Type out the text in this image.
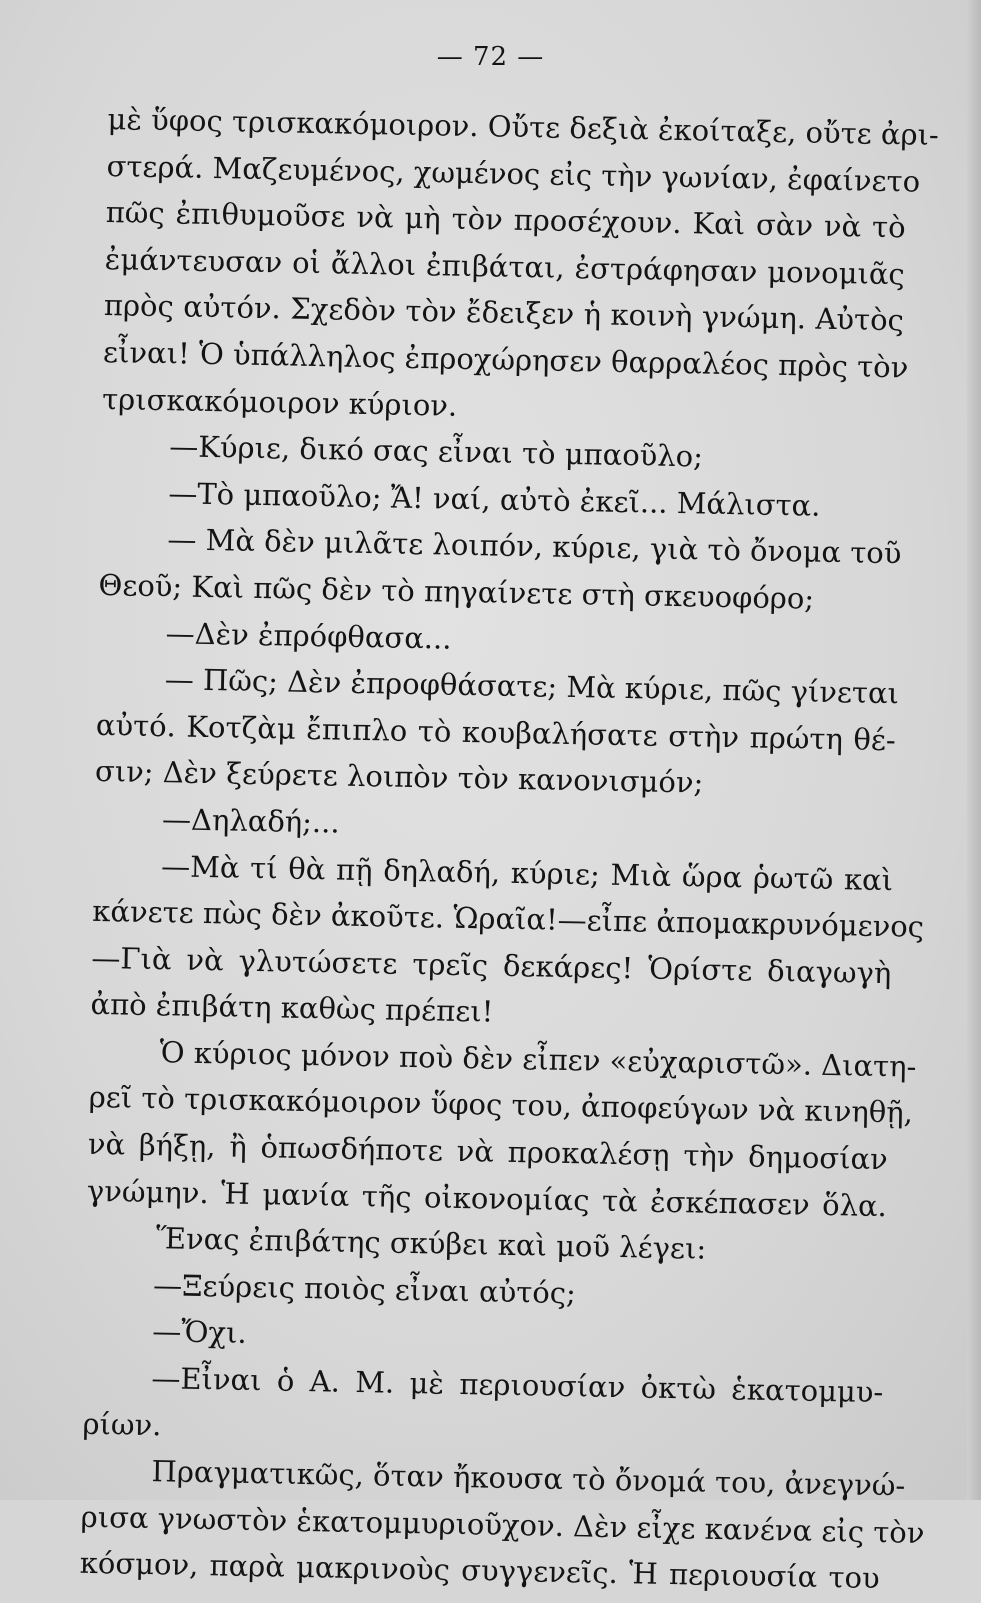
— 72 —
μὲ ὕφος τρισκακόμοιρον. Οὔτε δεξιὰ ἐκοίταξε, οὔτε ἀρι-
στερά. Μαζευμένος, χωμένος εἰς τὴν γωνίαν, ἐφαίνετο
πῶς ἐπιθυμοῦσε νὰ μὴ τὸν προσέχουν. Καὶ σὰν νὰ τὸ
ἐμάντευσαν οἱ ἄλλοι ἐπιβάται, ἐστράφησαν μονομιᾶς
πρὸς αὐτόν. Σχεδὸν τὸν ἔδειξεν ἡ κοινὴ γνώμη. Αὐτὸς
εἶναι! Ὁ ὑπάλληλος ἐπροχώρησεν θαρραλέος πρὸς τὸν
τρισκακόμοιρον κύριον.
—Κύριε, δικό σας εἶναι τὸ μπαοῦλο;
—Τὸ μπαοῦλο; Ἄ! ναί, αὐτὸ ἐκεῖ... Μάλιστα.
— Μὰ δὲν μιλᾶτε λοιπόν, κύριε, γιὰ τὸ ὄνομα τοῦ
Θεοῦ; Καὶ πῶς δὲν τὸ πηγαίνετε στὴ σκευοφόρο;
—Δὲν ἐπρόφθασα...
— Πῶς; Δὲν ἐπροφθάσατε; Μὰ κύριε, πῶς γίνεται
αὐτό. Κοτζὰμ ἔπιπλο τὸ κουβαλήσατε στὴν πρώτη θέ-
σιν; Δὲν ξεύρετε λοιπὸν τὸν κανονισμόν;
—Δηλαδή;...
—Μὰ τί θὰ πῇ δηλαδή, κύριε; Μιὰ ὥρα ῥωτῶ καὶ
κάνετε πὼς δὲν ἀκοῦτε. Ὡραῖα!—εἶπε ἀπομακρυνόμενος
—Γιὰ νὰ γλυτώσετε τρεῖς δεκάρες! Ὁρίστε διαγωγὴ
ἀπὸ ἐπιβάτη καθὼς πρέπει!
Ὁ κύριος μόνον ποὺ δὲν εἶπεν «εὐχαριστῶ». Διατη-
ρεῖ τὸ τρισκακόμοιρον ὕφος του, ἀποφεύγων νὰ κινηθῇ,
νὰ βήξῃ, ἢ ὁπωσδήποτε νὰ προκαλέσῃ τὴν δημοσίαν
γνώμην. Ἡ μανία τῆς οἰκονομίας τὰ ἐσκέπασεν ὅλα.
Ἕνας ἐπιβάτης σκύβει καὶ μοῦ λέγει:
—Ξεύρεις ποιὸς εἶναι αὐτός;
—Ὄχι.
—Εἶναι ὁ Α. Μ. μὲ περιουσίαν ὀκτὼ ἑκατομμυ-
ρίων.
Πραγματικῶς, ὅταν ἤκουσα τὸ ὄνομά του, ἀνεγνώ-
ρισα γνωστὸν ἑκατομμυριοῦχον. Δὲν εἶχε κανένα εἰς τὸν
κόσμον, παρὰ μακρινοὺς συγγενεῖς. Ἡ περιουσία του
